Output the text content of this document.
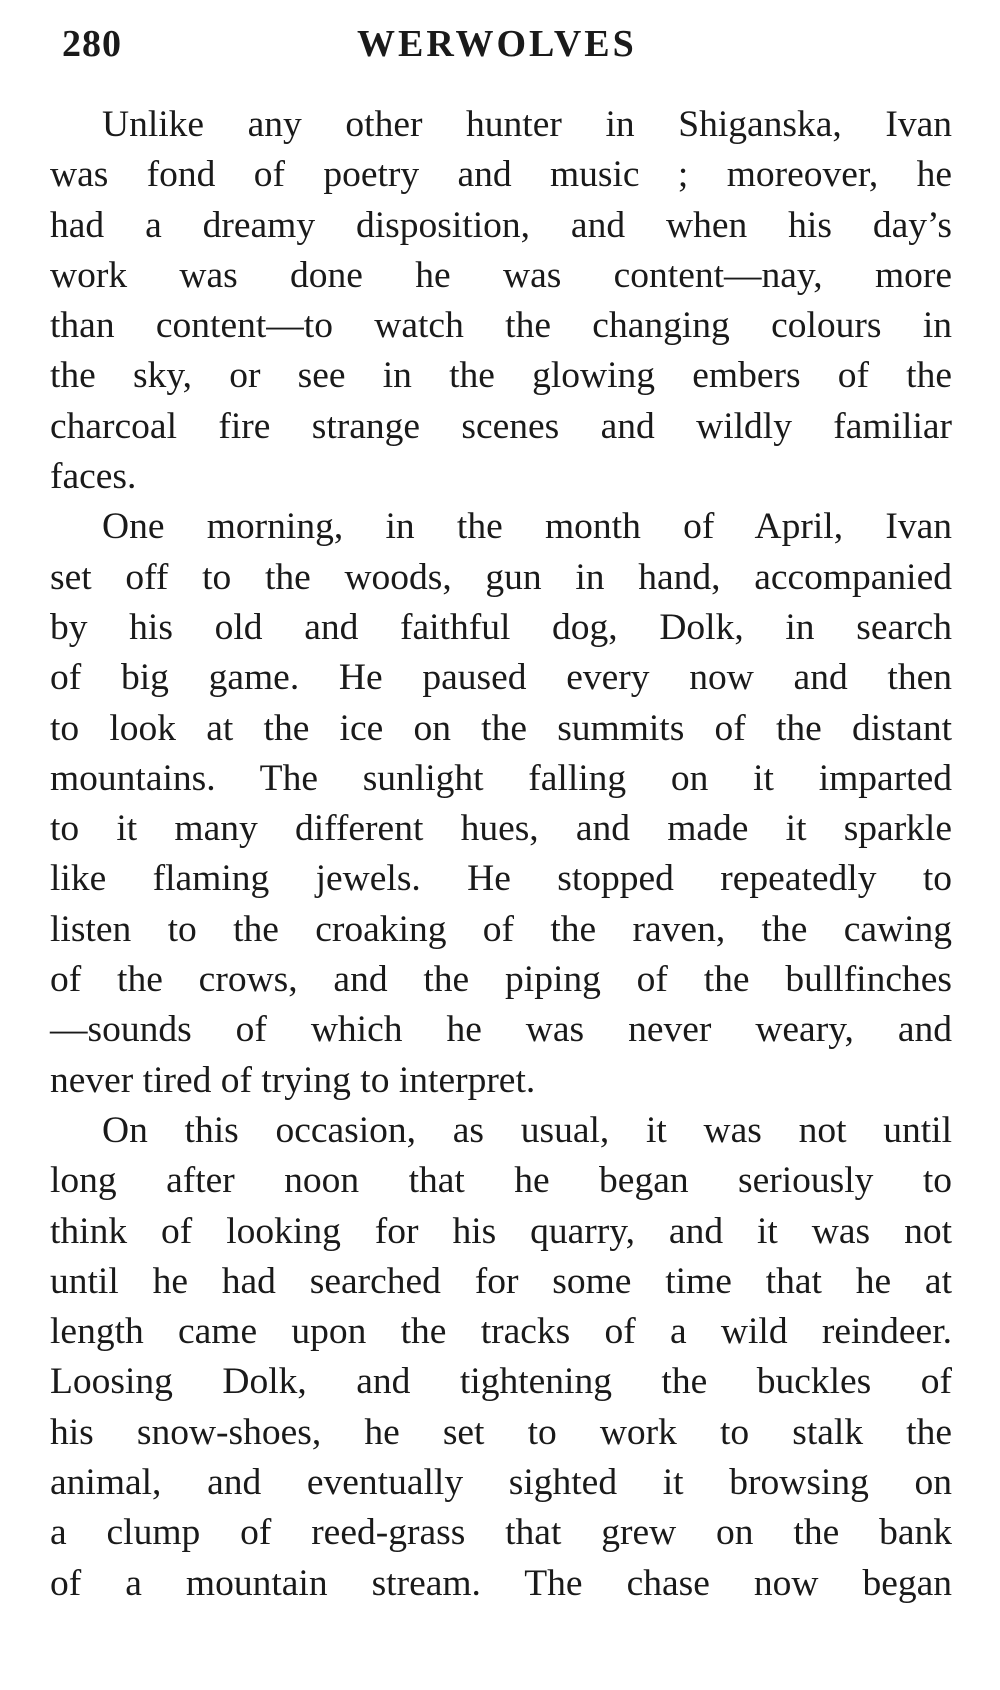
280	WERWOLVES
Unlike any other hunter in Shiganska, Ivan
was fond of poetry and music ; moreover, he
had a dreamy disposition, and when his day’s
work was done he was content—nay, more
than content—to watch the changing colours in
the sky, or see in the glowing embers of the
charcoal fire strange scenes and wildly familiar
faces.
One morning, in the month of April, Ivan
set off to the woods, gun in hand, accompanied
by his old and faithful dog, Dolk, in search
of big game. He paused every now and then
to look at the ice on the summits of the distant
mountains. The sunlight falling on it imparted
to it many different hues, and made it sparkle
like flaming jewels. He stopped repeatedly to
listen to the croaking of the raven, the cawing
of the crows, and the piping of the bullfinches
—sounds of which he was never weary, and
never tired of trying to interpret.
On this occasion, as usual, it was not until
long after noon that he began seriously to
think of looking for his quarry, and it was not
until he had searched for some time that he at
length came upon the tracks of a wild reindeer.
Loosing Dolk, and tightening the buckles of
his snow-shoes, he set to work to stalk the
animal, and eventually sighted it browsing on
a clump of reed-grass that grew on the bank
of a mountain stream. The chase now began
